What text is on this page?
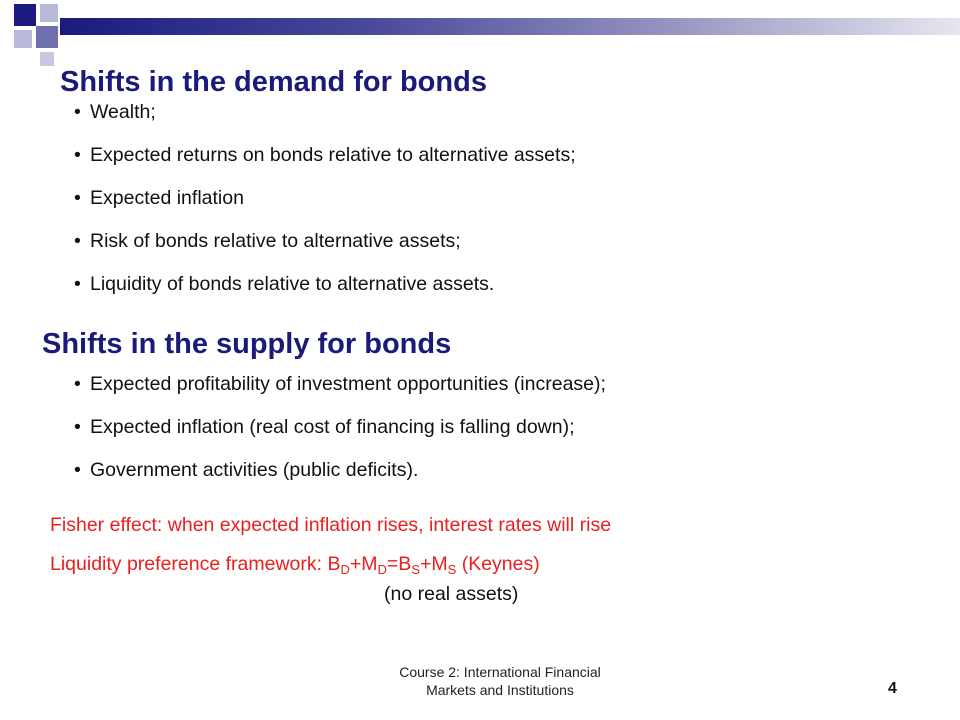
Shifts in the demand for bonds
• Wealth;
• Expected returns on bonds relative to alternative assets;
• Expected inflation
• Risk of bonds relative to alternative assets;
• Liquidity of bonds relative to alternative assets.
Shifts in the supply for bonds
• Expected profitability of investment opportunities (increase);
• Expected inflation (real cost of financing is falling down);
• Government activities (public deficits).
Fisher effect: when expected inflation rises, interest rates will rise
Liquidity preference framework: $B_D+M_D=B_S+M_S$ (Keynes)
(no real assets)
Course 2: International Financial
Markets and Institutions	4
